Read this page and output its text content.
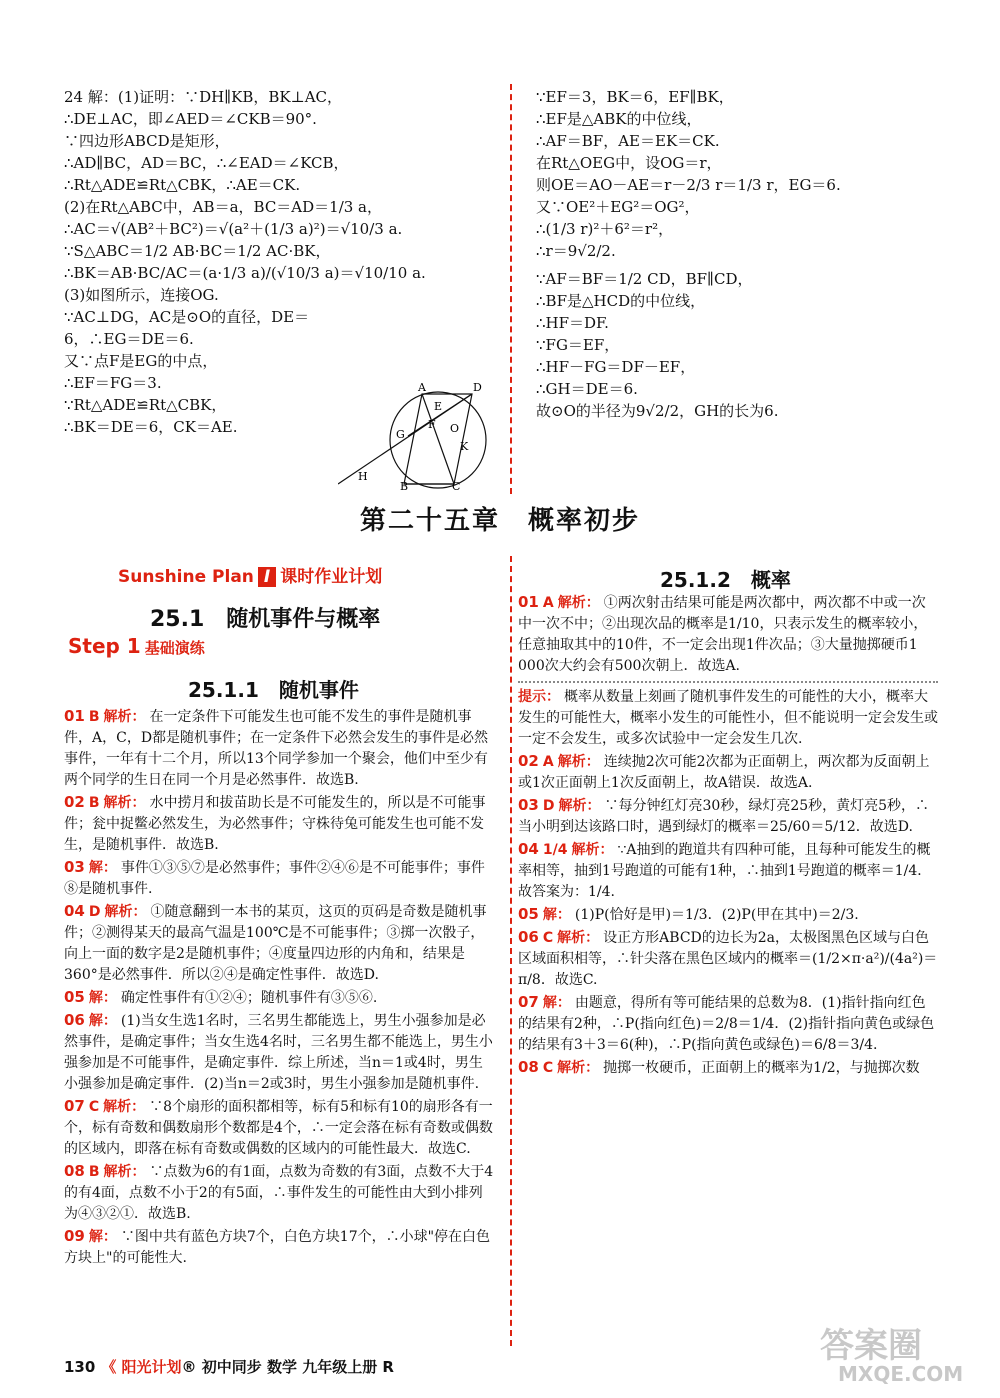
24 解：(1)证明：∵DH∥KB，BK⊥AC，

∴DE⊥AC，即∠AED＝∠CKB＝90°.

∵四边形ABCD是矩形，

∴AD∥BC，AD＝BC，∴∠EAD＝∠KCB，

∴Rt△ADE≌Rt△CBK，∴AE＝CK.

(2)在Rt△ABC中，AB＝a，BC＝AD＝1/3 a，

∴AC＝√(AB²＋BC²)＝√(a²＋(1/3 a)²)＝√10/3 a.

∵S△ABC＝1/2 AB·BC＝1/2 AC·BK，

∴BK＝AB·BC/AC＝(a·1/3 a)/(√10/3 a)＝√10/10 a.

(3)如图所示，连接OG.

∵AC⊥DG，AC是⊙O的直径，DE＝

6，∴EG＝DE＝6.

又∵点F是EG的中点，

∴EF＝FG＝3.

∵Rt△ADE≌Rt△CBK，

∴BK＝DE＝6，CK＝AE.

∵EF＝3，BK＝6，EF∥BK，

∴EF是△ABK的中位线，

∴AF＝BF，AE＝EK＝CK.

在Rt△OEG中，设OG＝r，

则OE＝AO－AE＝r－2/3 r＝1/3 r，EG＝6.

又∵OE²＋EG²＝OG²，

∴(1/3 r)²＋6²＝r²，

∴r＝9√2/2.

∵AF＝BF＝1/2 CD，BF∥CD，

∴BF是△HCD的中位线，

∴HF＝DF.

∵FG＝EF，

∴HF－FG＝DF－EF，

∴GH＝DE＝6.

故⊙O的半径为9√2/2，GH的长为6.

A	D
E
F
G	O
K
H
B	C
第二十五章　概率初步
Sunshine Plan I 课时作业计划
25.1　随机事件与概率
Step 1 基础演练
25.1.1　随机事件
25.1.2　概率

01 B 解析： 在一定条件下可能发生也可能不发生的事件是随机事件，A，C，D都是随机事件；在一定条件下必然会发生的事件是必然事件，一年有十二个月，所以13个同学参加一个聚会，他们中至少有两个同学的生日在同一个月是必然事件．故选B.

02 B 解析： 水中捞月和拔苗助长是不可能发生的，所以是不可能事件；瓮中捉鳖必然发生，为必然事件；守株待兔可能发生也可能不发生，是随机事件．故选B.

03 解： 事件①③⑤⑦是必然事件；事件②④⑥是不可能事件；事件⑧是随机事件.

04 D 解析： ①随意翻到一本书的某页，这页的页码是奇数是随机事件；②测得某天的最高气温是100℃是不可能事件；③掷一次骰子，向上一面的数字是2是随机事件；④度量四边形的内角和，结果是360°是必然事件．所以②④是确定性事件．故选D.

05 解： 确定性事件有①②④；随机事件有③⑤⑥.

06 解： (1)当女生选1名时，三名男生都能选上，男生小强参加是必然事件，是确定事件；当女生选4名时，三名男生都不能选上，男生小强参加是不可能事件，是确定事件．综上所述，当n＝1或4时，男生小强参加是确定事件．(2)当n＝2或3时，男生小强参加是随机事件.

07 C 解析： ∵8个扇形的面积都相等，标有5和标有10的扇形各有一个，标有奇数和偶数扇形个数都是4个，∴一定会落在标有奇数或偶数的区域内，即落在标有奇数或偶数的区域内的可能性最大．故选C.

08 B 解析： ∵点数为6的有1面，点数为奇数的有3面，点数不大于4的有4面，点数不小于2的有5面，∴事件发生的可能性由大到小排列为④③②①．故选B.

09 解： ∵图中共有蓝色方块7个，白色方块17个，∴小球"停在白色方块上"的可能性大.

01 A 解析： ①两次射击结果可能是两次都中，两次都不中或一次中一次不中；②出现次品的概率是1/10，只表示发生的概率较小，任意抽取其中的10件，不一定会出现1件次品；③大量抛掷硬币1 000次大约会有500次朝上．故选A.

提示： 概率从数量上刻画了随机事件发生的可能性的大小，概率大发生的可能性大，概率小发生的可能性小，但不能说明一定会发生或一定不会发生，或多次试验中一定会发生几次.

02 A 解析： 连续抛2次可能2次都为正面朝上，两次都为反面朝上或1次正面朝上1次反面朝上，故A错误．故选A.

03 D 解析： ∵每分钟红灯亮30秒，绿灯亮25秒，黄灯亮5秒，∴当小明到达该路口时，遇到绿灯的概率＝25/60＝5/12．故选D.

04 1/4 解析： ∵A抽到的跑道共有四种可能，且每种可能发生的概率相等，抽到1号跑道的可能有1种，∴抽到1号跑道的概率＝1/4．故答案为：1/4.

05 解： (1)P(恰好是甲)＝1/3．(2)P(甲在其中)＝2/3.

06 C 解析： 设正方形ABCD的边长为2a，太极图黑色区域与白色区域面积相等，∴针尖落在黑色区域内的概率＝(1/2×π·a²)/(4a²)＝π/8．故选C.

07 解： 由题意，得所有等可能结果的总数为8．(1)指针指向红色的结果有2种，∴P(指向红色)＝2/8＝1/4．(2)指针指向黄色或绿色的结果有3＋3＝6(种)，∴P(指向黄色或绿色)＝6/8＝3/4.

08 C 解析： 抛掷一枚硬币，正面朝上的概率为1/2，与抛掷次数

130 《 阳光计划® 初中同步 数学 九年级上册 R
答案圈
MXQE.COM
